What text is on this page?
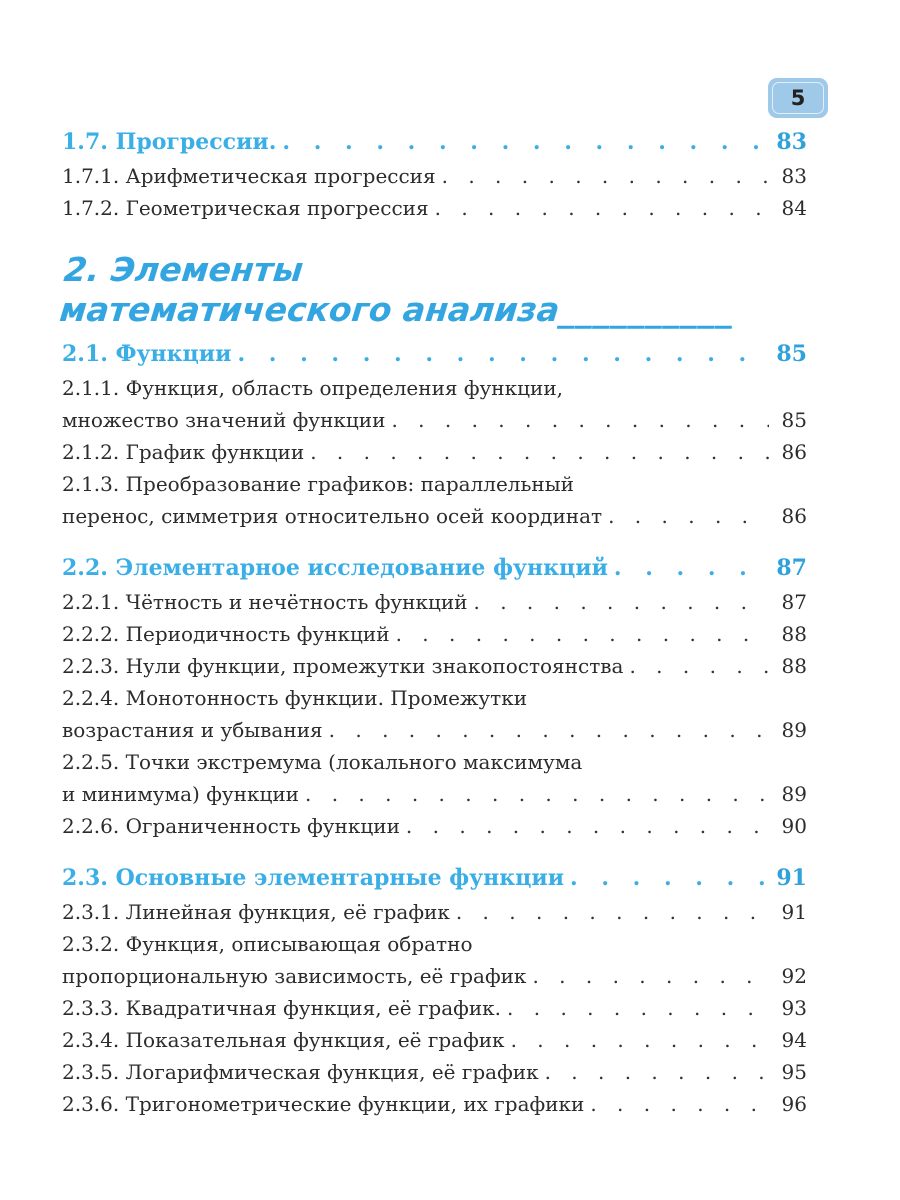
5
1.7. Прогрессии. . . .	83
1.7.1. Арифметическая прогрессия . . .	83
1.7.2. Геометрическая прогрессия . . .	84
2. Элементы
математического анализа__________
2.1. Функции . . .	85
2.1.1. Функция, область определения функции,
множество значений функции . . .	85
2.1.2. График функции . . .	86
2.1.3. Преобразование графиков: параллельный
перенос, симметрия относительно осей координат . . .	86
2.2. Элементарное исследование функций . . .	87
2.2.1. Чётность и нечётность функций . . .	87
2.2.2. Периодичность функций . . .	88
2.2.3. Нули функции, промежутки знакопостоянства . . .	88
2.2.4. Монотонность функции. Промежутки
возрастания и убывания . . .	89
2.2.5. Точки экстремума (локального максимума
и минимума) функции . . .	89
2.2.6. Ограниченность функции . . .	90
2.3. Основные элементарные функции . . .	91
2.3.1. Линейная функция, её график . . .	91
2.3.2. Функция, описывающая обратно
пропорциональную зависимость, её график . . .	92
2.3.3. Квадратичная функция, её график. . . .	93
2.3.4. Показательная функция, её график . . .	94
2.3.5. Логарифмическая функция, её график . . .	95
2.3.6. Тригонометрические функции, их графики . . .	96
